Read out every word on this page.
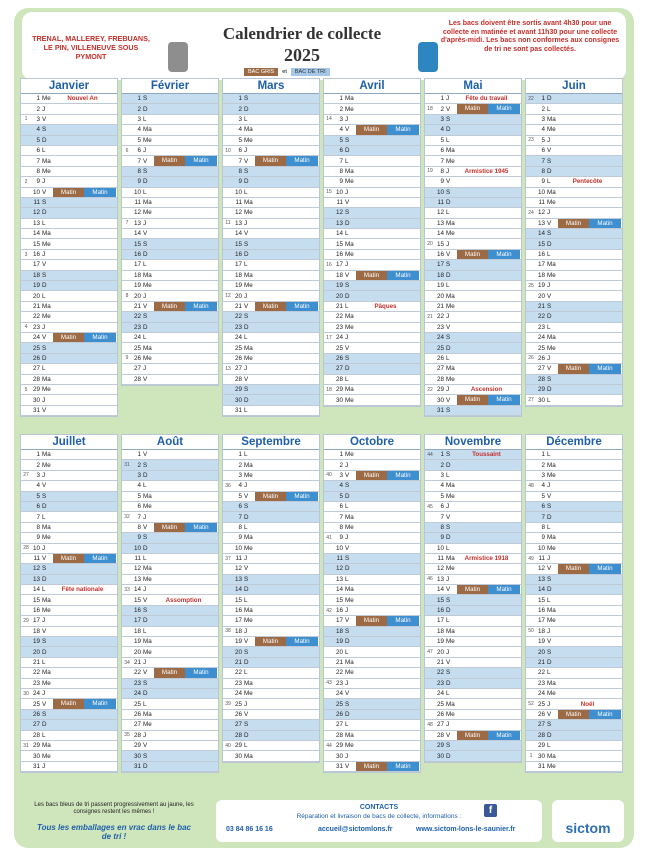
TRENAL, MALLEREY, FREBUANS, LE PIN, VILLENEUVE SOUS PYMONT
Calendrier de collecte
2025
BAC GRIS	et	BAC DE TRI
Les bacs doivent être sortis avant 4h30 pour une collecte en matinée et avant 11h30 pour une collecte d'après-midi. Les bacs non conformes aux consignes de tri ne sont pas collectés.
Janvier
1 Me	Nouvel An
2 J
1	3 V
4 S
5 D
6 L
7 Ma
8 Me
2	9 J
10 V	Matin	Matin
11 S
12 D
13 L
14 Ma
15 Me
3 16 J
17 V
18 S
19 D
20 L
21 Ma
22 Me
4 23 J
24 V	Matin	Matin
25 S
26 D
27 L
28 Ma
5 29 Me
30 J
31 V
Février
1 S
2 D
3 L
4 Ma
5 Me
6	6 J
7 V	Matin	Matin
8 S
9 D
10 L
11 Ma
12 Me
7 13 J
14 V
15 S
16 D
17 L
18 Ma
19 Me
8 20 J
21 V	Matin	Matin
22 S
23 D
24 L
25 Ma
9 26 Me
27 J
28 V
Mars
1 S
2 D
3 L
4 Ma
5 Me
10	6 J
7 V	Matin	Matin
8 S
9 D
10 L
11 Ma
12 Me
11 13 J
14 V
15 S
16 D
17 L
18 Ma
19 Me
12 20 J
21 V	Matin	Matin
22 S
23 D
24 L
25 Ma
26 Me
13 27 J
28 V
29 S
30 D
31 L
Avril
1 Ma
2 Me
14	3 J
4 V	Matin	Matin
5 S
6 D
7 L
8 Ma
9 Me
15 10 J
11 V
12 S
13 D
14 L
15 Ma
16 Me
16 17 J
18 V	Matin	Matin
19 S
20 D
21 L	Pâques
22 Ma
23 Me
17 24 J
25 V
26 S
27 D
28 L
18 29 Ma
30 Me
Mai
1 J	Fête du travail
18	2 V	Matin	Matin
3 S
4 D
5 L
6 Ma
7 Me
19	8 J	Armistice 1945
9 V
10 S
11 D
12 L
13 Ma
14 Me
20 15 J
16 V	Matin	Matin
17 S
18 D
19 L
20 Ma
21 Me
21 22 J
23 V
24 S
25 D
26 L
27 Ma
28 Me
22 29 J	Ascension
30 V	Matin	Matin
31 S
Juin
22	1 D
2 L
3 Ma
4 Me
23	5 J
6 V
7 S
8 D
9 L	Pentecôte
10 Ma
11 Me
24 12 J
13 V	Matin	Matin
14 S
15 D
16 L
17 Ma
18 Me
25 19 J
20 V
21 S
22 D
23 L
24 Ma
25 Me
26 26 J
27 V	Matin	Matin
28 S
29 D
27 30 L
Juillet
1 Ma
2 Me
27	3 J
4 V
5 S
6 D
7 L
8 Ma
9 Me
28 10 J
11 V	Matin	Matin
12 S
13 D
14 L	Fête nationale
15 Ma
16 Me
29 17 J
18 V
19 S
20 D
21 L
22 Ma
23 Me
30 24 J
25 V	Matin	Matin
26 S
27 D
28 L
31 29 Ma
30 Me
31 J
Août
1 V
31	2 S
3 D
4 L
5 Ma
6 Me
32	7 J
8 V	Matin	Matin
9 S
10 D
11 L
12 Ma
13 Me
33 14 J
15 V	Assomption
16 S
17 D
18 L
19 Ma
20 Me
34 21 J
22 V	Matin	Matin
23 S
24 D
25 L
26 Ma
27 Me
35 28 J
29 V
30 S
31 D
Septembre
1 L
2 Ma
3 Me
36	4 J
5 V	Matin	Matin
6 S
7 D
8 L
9 Ma
10 Me
37 11 J
12 V
13 S
14 D
15 L
16 Ma
17 Me
38 18 J
19 V	Matin	Matin
20 S
21 D
22 L
23 Ma
24 Me
39 25 J
26 V
27 S
28 D
40 29 L
30 Ma
Octobre
1 Me
2 J
40	3 V	Matin	Matin
4 S
5 D
6 L
7 Ma
8 Me
41	9 J
10 V
11 S
12 D
13 L
14 Ma
15 Me
42 16 J
17 V	Matin	Matin
18 S
19 D
20 L
21 Ma
22 Me
43 23 J
24 V
25 S
26 D
27 L
28 Ma
44 29 Me
30 J
31 V	Matin	Matin
Novembre
44	1 S	Toussaint
2 D
3 L
4 Ma
5 Me
45	6 J
7 V
8 S
9 D
10 L
11 Ma	Armistice 1918
12 Me
46 13 J
14 V	Matin	Matin
15 S
16 D
17 L
18 Ma
19 Me
47 20 J
21 V
22 S
23 D
24 L
25 Ma
26 Me
48 27 J
28 V	Matin	Matin
29 S
30 D
Décembre
1 L
2 Ma
3 Me
48	4 J
5 V
6 S
7 D
8 L
9 Ma
10 Me
49 11 J
12 V	Matin	Matin
13 S
14 D
15 L
16 Ma
17 Me
50 18 J
19 V
20 S
21 D
22 L
23 Ma
24 Me
52 25 J	Noël
26 V	Matin	Matin
27 S
28 D
29 L
1 30 Ma
31 Me
Les bacs bleus de tri passent progressivement au jaune, les consignes restent les mêmes !
Tous les emballages en vrac dans le bac de tri !
CONTACTS
Réparation et livraison de bacs de collecte, informations :
03 84 86 16 16	accueil@sictomlons.fr	www.sictom-lons-le-saunier.fr
f
sictom
